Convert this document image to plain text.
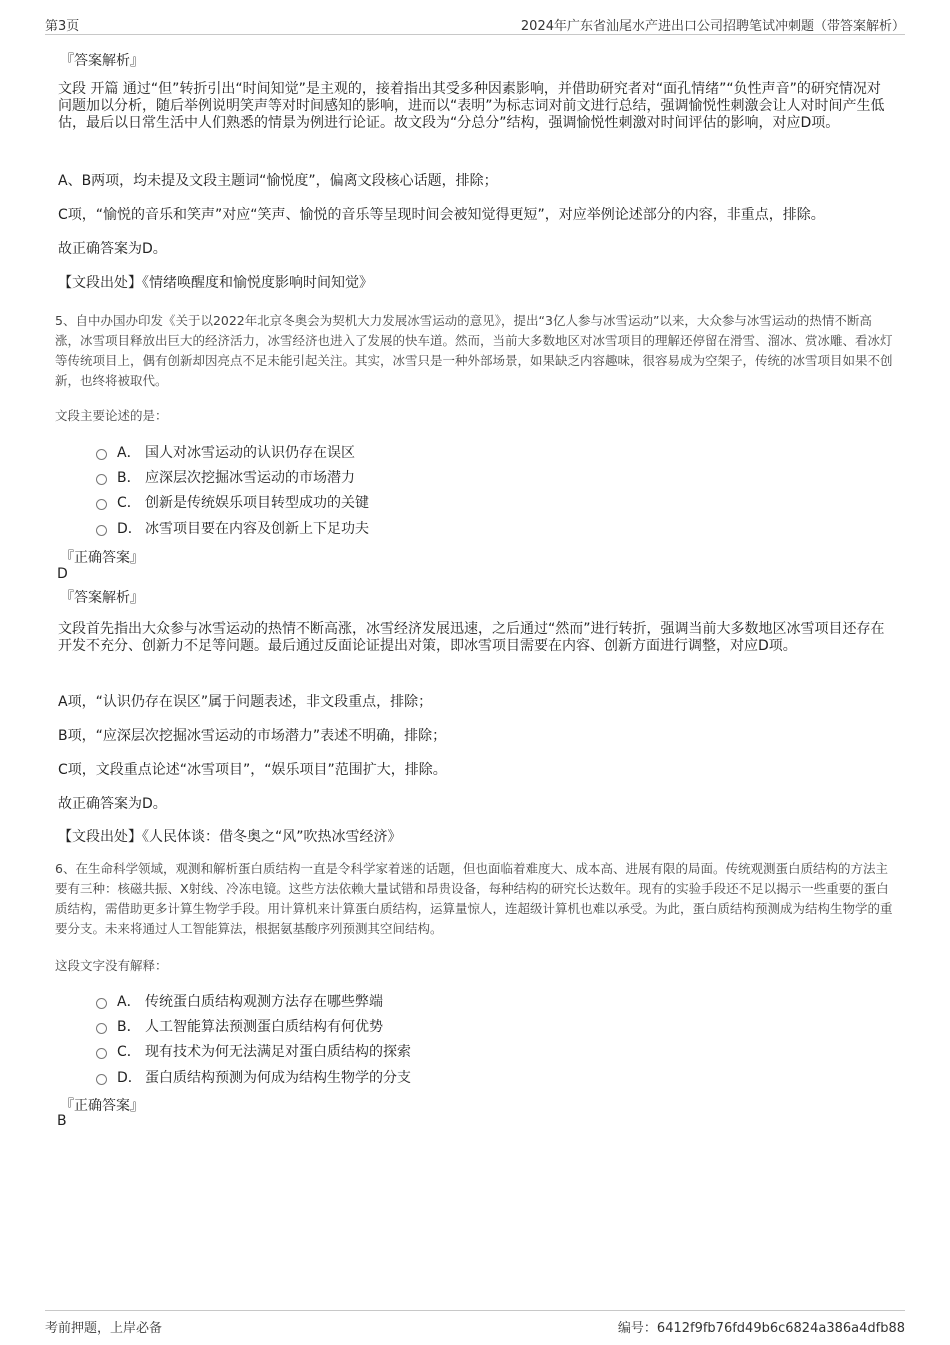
第3页	2024年广东省汕尾水产进出口公司招聘笔试冲刺题（带答案解析）
『答案解析』
文段 开篇 通过“但”转折引出“时间知觉”是主观的，接着指出其受多种因素影响，并借助研究者对“面孔情绪”“负性声音”的研究情况对问题加以分析，随后举例说明笑声等对时间感知的影响，进而以“表明”为标志词对前文进行总结，强调愉悦性刺激会让人对时间产生低估，最后以日常生活中人们熟悉的情景为例进行论证。故文段为“分总分”结构，强调愉悦性刺激对时间评估的影响，对应D项。
A、B两项，均未提及文段主题词“愉悦度”，偏离文段核心话题，排除；
C项，“愉悦的音乐和笑声”对应“笑声、愉悦的音乐等呈现时间会被知觉得更短”，对应举例论述部分的内容，非重点，排除。
故正确答案为D。
【文段出处】《情绪唤醒度和愉悦度影响时间知觉》
5、自中办国办印发《关于以2022年北京冬奥会为契机大力发展冰雪运动的意见》，提出“3亿人参与冰雪运动”以来，大众参与冰雪运动的热情不断高涨，冰雪项目释放出巨大的经济活力，冰雪经济也进入了发展的快车道。然而，当前大多数地区对冰雪项目的理解还停留在滑雪、溜冰、赏冰雕、看冰灯等传统项目上，偶有创新却因亮点不足未能引起关注。其实，冰雪只是一种外部场景，如果缺乏内容趣味，很容易成为空架子，传统的冰雪项目如果不创新，也终将被取代。
文段主要论述的是：
A． 国人对冰雪运动的认识仍存在误区
B． 应深层次挖掘冰雪运动的市场潜力
C． 创新是传统娱乐项目转型成功的关键
D． 冰雪项目要在内容及创新上下足功夫
『正确答案』
D
『答案解析』
文段首先指出大众参与冰雪运动的热情不断高涨，冰雪经济发展迅速，之后通过“然而”进行转折，强调当前大多数地区冰雪项目还存在开发不充分、创新力不足等问题。最后通过反面论证提出对策，即冰雪项目需要在内容、创新方面进行调整，对应D项。
A项，“认识仍存在误区”属于问题表述，非文段重点，排除；
B项，“应深层次挖掘冰雪运动的市场潜力”表述不明确，排除；
C项，文段重点论述“冰雪项目”，“娱乐项目”范围扩大，排除。
故正确答案为D。
【文段出处】《人民体谈：借冬奥之“风”吹热冰雪经济》
6、在生命科学领域，观测和解析蛋白质结构一直是令科学家着迷的话题，但也面临着难度大、成本高、进展有限的局面。传统观测蛋白质结构的方法主要有三种：核磁共振、X射线、冷冻电镜。这些方法依赖大量试错和昂贵设备，每种结构的研究长达数年。现有的实验手段还不足以揭示一些重要的蛋白质结构，需借助更多计算生物学手段。用计算机来计算蛋白质结构，运算量惊人，连超级计算机也难以承受。为此，蛋白质结构预测成为结构生物学的重要分支。未来将通过人工智能算法，根据氨基酸序列预测其空间结构。
这段文字没有解释：
A． 传统蛋白质结构观测方法存在哪些弊端
B． 人工智能算法预测蛋白质结构有何优势
C． 现有技术为何无法满足对蛋白质结构的探索
D． 蛋白质结构预测为何成为结构生物学的分支
『正确答案』
B
考前押题，上岸必备	编号：6412f9fb76fd49b6c6824a386a4dfb88
